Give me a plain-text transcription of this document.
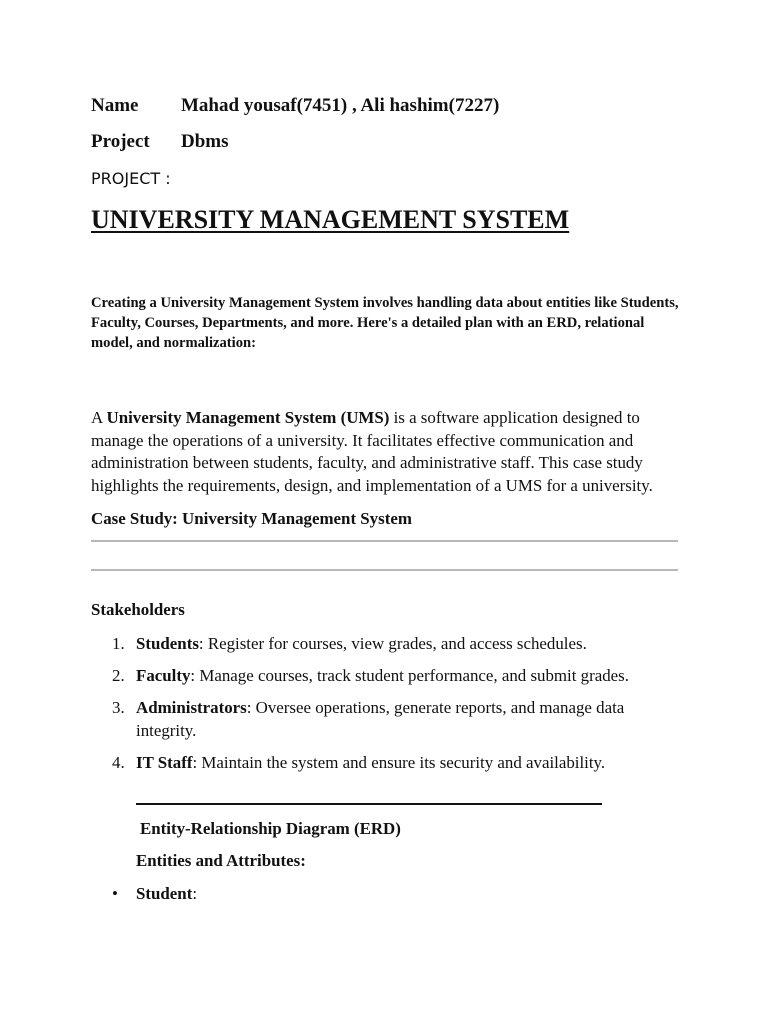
Name Mahad yousaf(7451) , Ali hashim(7227)
Project Dbms
PROJECT :
UNIVERSITY MANAGEMENT SYSTEM
Creating a University Management System involves handling data about entities like Students, Faculty, Courses, Departments, and more. Here's a detailed plan with an ERD, relational model, and normalization:
A University Management System (UMS) is a software application designed to manage the operations of a university. It facilitates effective communication and administration between students, faculty, and administrative staff. This case study highlights the requirements, design, and implementation of a UMS for a university.
Case Study: University Management System
Stakeholders
1. Students: Register for courses, view grades, and access schedules.
2. Faculty: Manage courses, track student performance, and submit grades.
3. Administrators: Oversee operations, generate reports, and manage data integrity.
4. IT Staff: Maintain the system and ensure its security and availability.
Entity-Relationship Diagram (ERD)
Entities and Attributes:
• Student:
